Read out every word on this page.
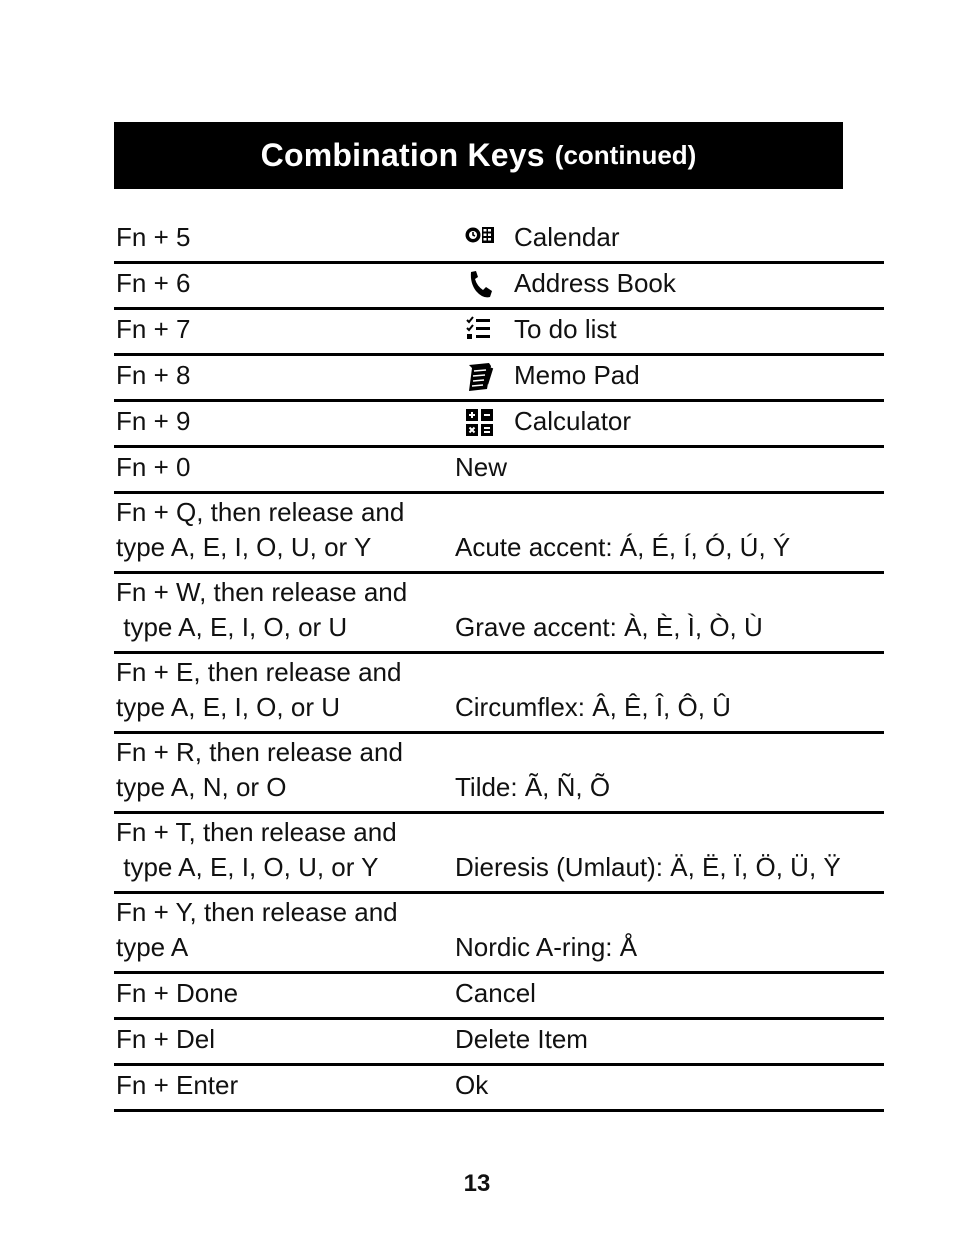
Combination Keys (continued)
Fn + 5	Calendar
Fn + 6	Address Book
Fn + 7	To do list
Fn + 8	Memo Pad
Fn + 9	Calculator
Fn + 0	New
Fn + Q, then release and
type A, E, I, O, U, or Y	Acute accent: Á, É, Í, Ó, Ú, Ý
Fn + W, then release and
type A, E, I, O, or U	Grave accent: À, È, Ì, Ò, Ù
Fn + E, then release and
type A, E, I, O, or U	Circumflex: Â, Ê, Î, Ô, Û
Fn + R, then release and
type A, N, or O	Tilde: Ã, Ñ, Õ
Fn + T, then release and
type A, E, I, O, U, or Y	Dieresis (Umlaut): Ä, Ë, Ï, Ö, Ü, Ÿ
Fn + Y, then release and
type A	Nordic A-ring: Å
Fn + Done	Cancel
Fn + Del	Delete Item
Fn + Enter	Ok
13
